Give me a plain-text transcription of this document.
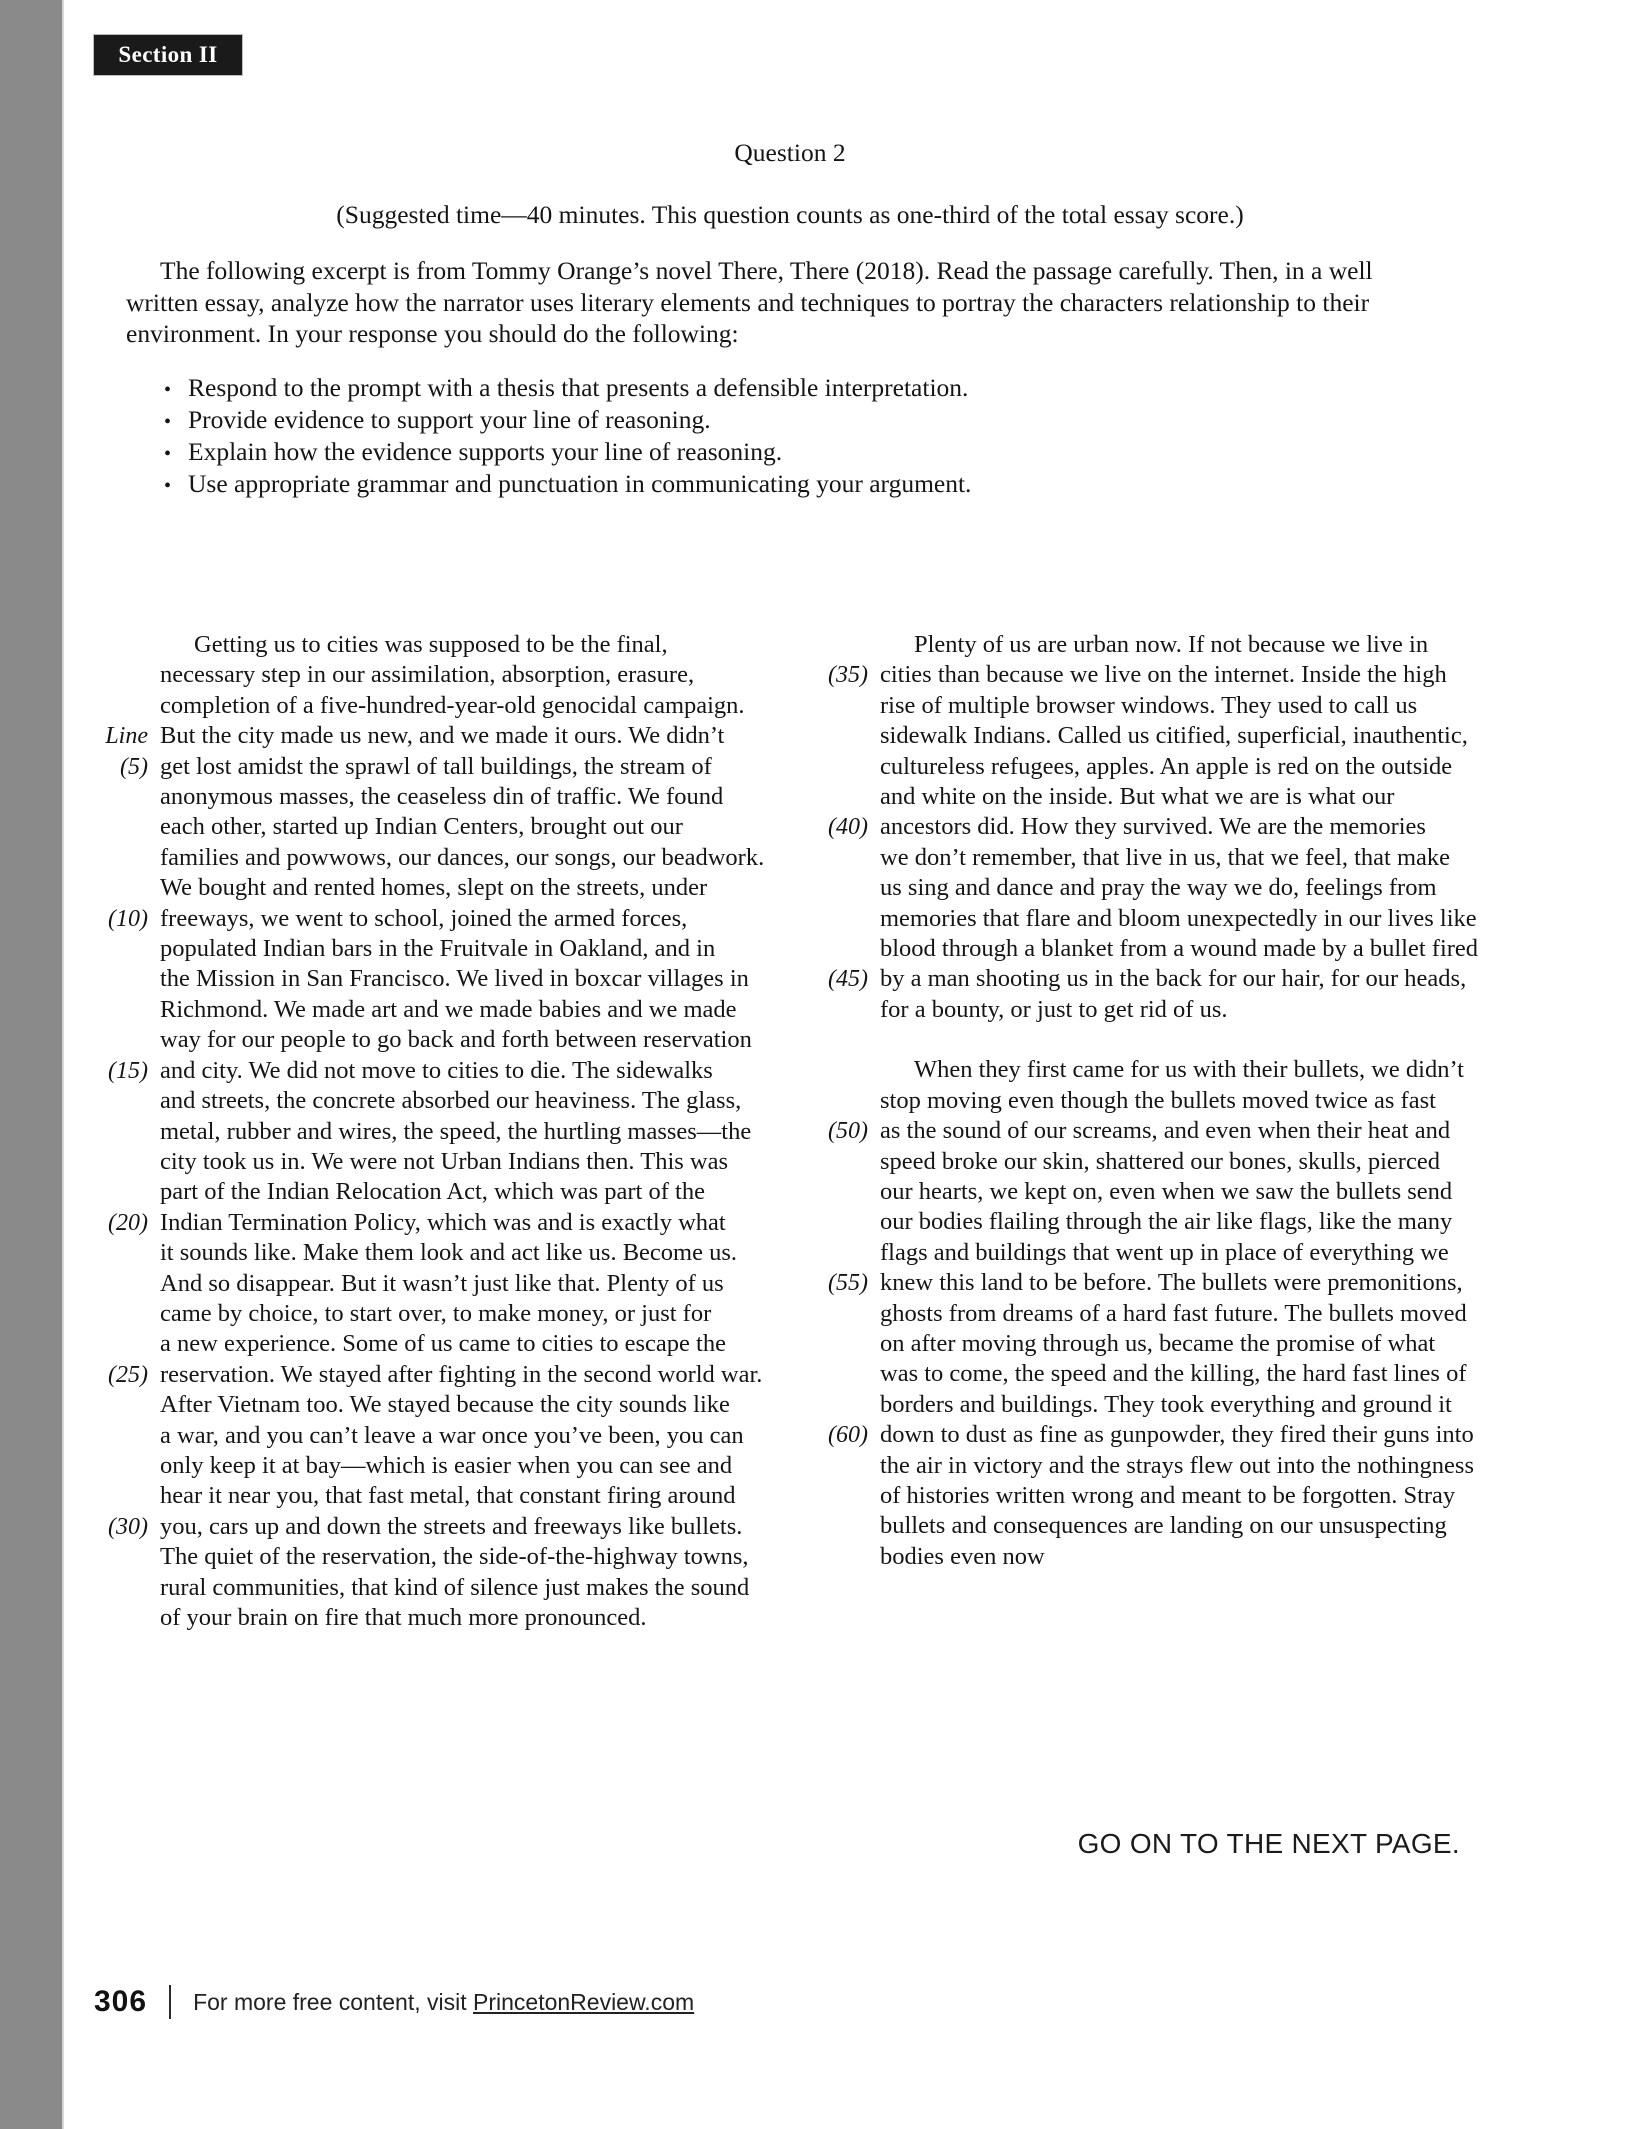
Section II
Question 2
(Suggested time—40 minutes. This question counts as one-third of the total essay score.)
The following excerpt is from Tommy Orange’s novel There, There (2018). Read the passage carefully. Then, in a well written essay, analyze how the narrator uses literary elements and techniques to portray the characters relationship to their environment. In your response you should do the following:
• Respond to the prompt with a thesis that presents a defensible interpretation.
• Provide evidence to support your line of reasoning.
• Explain how the evidence supports your line of reasoning.
• Use appropriate grammar and punctuation in communicating your argument.
Getting us to cities was supposed to be the final,
necessary step in our assimilation, absorption, erasure,
completion of a five-hundred-year-old genocidal campaign.
Line But the city made us new, and we made it ours. We didn’t
(5) get lost amidst the sprawl of tall buildings, the stream of
anonymous masses, the ceaseless din of traffic. We found
each other, started up Indian Centers, brought out our
families and powwows, our dances, our songs, our beadwork.
We bought and rented homes, slept on the streets, under
(10) freeways, we went to school, joined the armed forces,
populated Indian bars in the Fruitvale in Oakland, and in
the Mission in San Francisco. We lived in boxcar villages in
Richmond. We made art and we made babies and we made
way for our people to go back and forth between reservation
(15) and city. We did not move to cities to die. The sidewalks
and streets, the concrete absorbed our heaviness. The glass,
metal, rubber and wires, the speed, the hurtling masses—the
city took us in. We were not Urban Indians then. This was
part of the Indian Relocation Act, which was part of the
(20) Indian Termination Policy, which was and is exactly what
it sounds like. Make them look and act like us. Become us.
And so disappear. But it wasn’t just like that. Plenty of us
came by choice, to start over, to make money, or just for
a new experience. Some of us came to cities to escape the
(25) reservation. We stayed after fighting in the second world war.
After Vietnam too. We stayed because the city sounds like
a war, and you can’t leave a war once you’ve been, you can
only keep it at bay—which is easier when you can see and
hear it near you, that fast metal, that constant firing around
(30) you, cars up and down the streets and freeways like bullets.
The quiet of the reservation, the side-of-the-highway towns,
rural communities, that kind of silence just makes the sound
of your brain on fire that much more pronounced.
Plenty of us are urban now. If not because we live in
(35) cities than because we live on the internet. Inside the high
rise of multiple browser windows. They used to call us
sidewalk Indians. Called us citified, superficial, inauthentic,
cultureless refugees, apples. An apple is red on the outside
and white on the inside. But what we are is what our
(40) ancestors did. How they survived. We are the memories
we don’t remember, that live in us, that we feel, that make
us sing and dance and pray the way we do, feelings from
memories that flare and bloom unexpectedly in our lives like
blood through a blanket from a wound made by a bullet fired
(45) by a man shooting us in the back for our hair, for our heads,
for a bounty, or just to get rid of us.
When they first came for us with their bullets, we didn’t
stop moving even though the bullets moved twice as fast
(50) as the sound of our screams, and even when their heat and
speed broke our skin, shattered our bones, skulls, pierced
our hearts, we kept on, even when we saw the bullets send
our bodies flailing through the air like flags, like the many
flags and buildings that went up in place of everything we
(55) knew this land to be before. The bullets were premonitions,
ghosts from dreams of a hard fast future. The bullets moved
on after moving through us, became the promise of what
was to come, the speed and the killing, the hard fast lines of
borders and buildings. They took everything and ground it
(60) down to dust as fine as gunpowder, they fired their guns into
the air in victory and the strays flew out into the nothingness
of histories written wrong and meant to be forgotten. Stray
bullets and consequences are landing on our unsuspecting
bodies even now
GO ON TO THE NEXT PAGE.
306 For more free content, visit PrincetonReview.com
